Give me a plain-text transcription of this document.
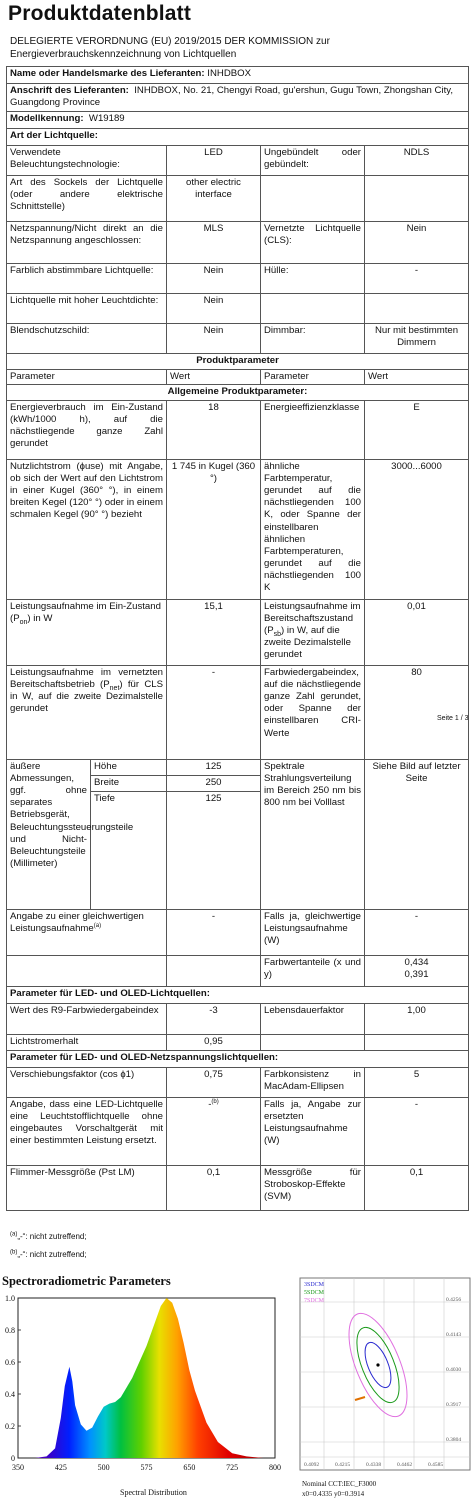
Produktdatenblatt
DELEGIERTE VERORDNUNG (EU) 2019/2015 DER KOMMISSION zur Energieverbrauchskennzeichnung von Lichtquellen
Name oder Handelsmarke des Lieferanten: INHDBOX				
Anschrift des Lieferanten: INHDBOX, No. 21, Chengyi Road, gu'ershun, Gugu Town, Zhongshan City, Guangdong Province				
Modellkennung: W19189				
Art der Lichtquelle:				
Verwendete Beleuchtungstechnologie:		LED	Ungebündelt oder gebündelt:	NDLS
Art des Sockels der Lichtquelle (oder andere elektrische Schnittstelle)		other electric interface		
Netzspannung/Nicht direkt an die Netzspannung angeschlossen:		MLS	Vernetzte Lichtquelle (CLS):	Nein
Farblich abstimmbare Lichtquelle:		Nein	Hülle:	-
Lichtquelle mit hoher Leuchtdichte:		Nein		
Blendschutzschild:		Nein	Dimmbar:	Nur mit bestimmten Dimmern
Produktparameter				
Parameter		Wert	Parameter	Wert
Allgemeine Produktparameter:				
Energieverbrauch im Ein-Zustand (kWh/1000 h), auf die nächstliegende ganze Zahl gerundet		18	Energieeffizienzklasse	E
Nutzlichtstrom (ɸuse) mit Angabe, ob sich der Wert auf den Lichtstrom in einer Kugel (360° °), in einem breiten Kegel (120° °) oder in einem schmalen Kegel (90° °) bezieht		1 745 in Kugel (360 °)	ähnliche Farbtemperatur, gerundet auf die nächstliegenden 100 K, oder Spanne der einstellbaren ähnlichen Farbtemperaturen, gerundet auf die nächstliegenden 100 K	3000...6000
Leistungsaufnahme im Ein-Zustand $(P_{on})$ in W		15,1	Leistungsaufnahme im Bereitschaftszustand $(P_{sb})$ in W, auf die zweite Dezimalstelle gerundet	0,01
Leistungsaufnahme im vernetzten Bereitschaftsbetrieb $(P_{net})$ für CLS in W, auf die zweite Dezimalstelle gerundet		-	Farbwiedergabeindex, auf die nächstliegende ganze Zahl gerundet, oder Spanne der einstellbaren CRI-Werte	80
äußere Abmessungen, ggf. ohne separates Betriebsgerät, Beleuchtungssteuerungsteile und Nicht-Beleuchtungsteile (Millimeter)	Höhe	125	Spektrale Strahlungsverteilung im Bereich 250 nm bis 800 nm bei Volllast	Siehe Bild auf letzter Seite
	Breite	250		
	Tiefe	125		
Angabe zu einer gleichwertigen Leistungsaufnahme$^{(a)}$		-	Falls ja, gleichwertige Leistungsaufnahme (W)	-
			Farbwertanteile (x und y)	0,434
0,391

Parameter für LED- und OLED-Lichtquellen:				
Wert des R9-Farbwiedergabeindex		-3	Lebensdauerfaktor	1,00
Lichtstromerhalt		0,95		
Parameter für LED- und OLED-Netzspannungslichtquellen:				
Verschiebungsfaktor (cos ɸ1)		0,75	Farbkonsistenz in MacAdam-Ellipsen	5
Angabe, dass eine LED-Lichtquelle eine Leuchtstofflichtquelle ohne eingebautes Vorschaltgerät mit einer bestimmten Leistung ersetzt.		-$^{(b)}$	Falls ja, Angabe zur ersetzten Leistungsaufnahme (W)	-
Flimmer-Messgröße (Pst LM)		0,1	Messgröße für Stroboskop-Effekte (SVM)	0,1
Seite 1 / 3
$^{(a)}$„-“: nicht zutreffend;
$^{(b)}$„-“: nicht zutreffend;
Spectroradiometric Parameters
1.0
0.8
0.6
0.4
0.2
0
350	425	500	575	650	725	800
Spectral Distribution
0.4256
0.4143
0.4030
0.3917
0.3804
0.4092	0.4215	0.4338	0.4462	0.4585
3SDCM
5SDCM
7SDCM
Nominal CCT:IEC_F3000
x0=0.4335 y0=0.3914
